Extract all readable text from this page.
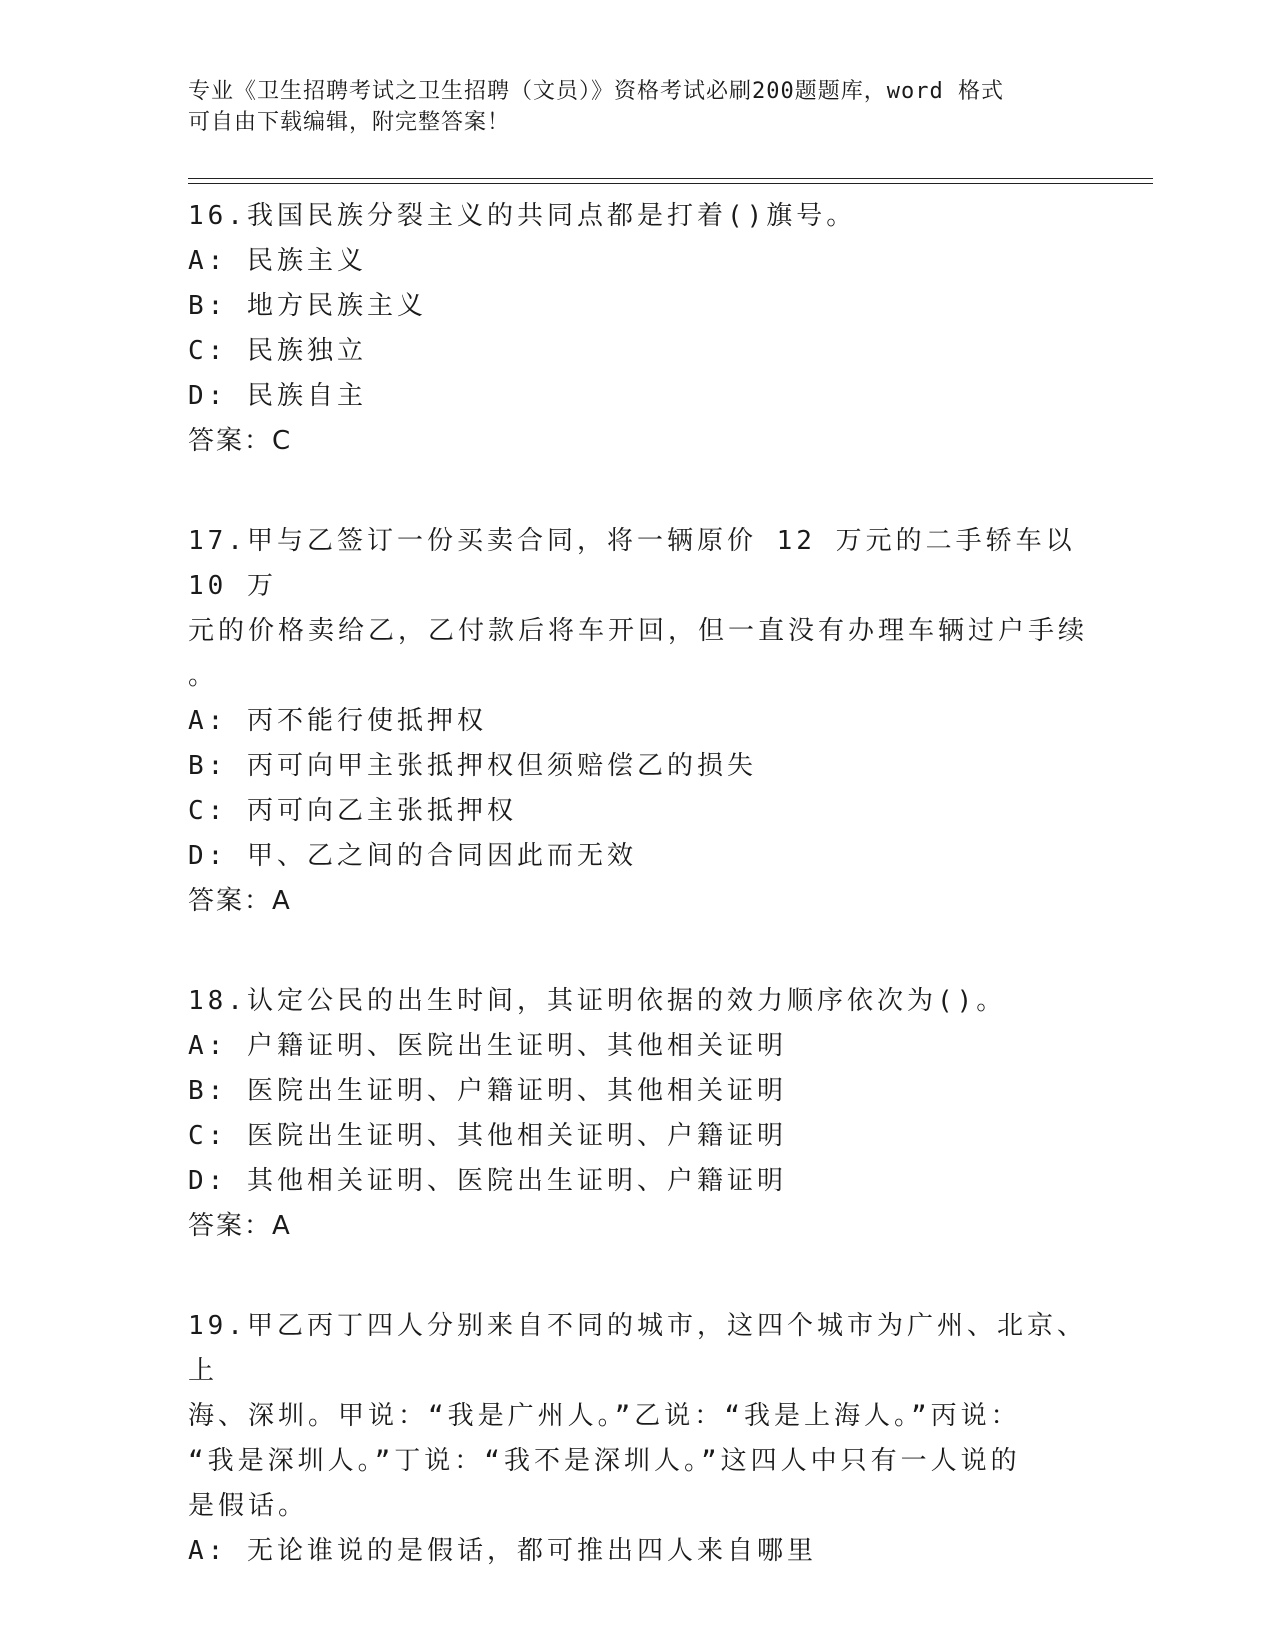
专业《卫生招聘考试之卫生招聘（文员）》资格考试必刷200题题库，word 格式
可自由下载编辑，附完整答案！
16.我国民族分裂主义的共同点都是打着()旗号。
A: 民族主义
B: 地方民族主义
C: 民族独立
D: 民族自主
答案：C
17.甲与乙签订一份买卖合同，将一辆原价 12 万元的二手轿车以 10 万
元的价格卖给乙，乙付款后将车开回，但一直没有办理车辆过户手续
。
A: 丙不能行使抵押权
B: 丙可向甲主张抵押权但须赔偿乙的损失
C: 丙可向乙主张抵押权
D: 甲、乙之间的合同因此而无效
答案：A
18.认定公民的出生时间，其证明依据的效力顺序依次为()。
A: 户籍证明、医院出生证明、其他相关证明
B: 医院出生证明、户籍证明、其他相关证明
C: 医院出生证明、其他相关证明、户籍证明
D: 其他相关证明、医院出生证明、户籍证明
答案：A
19.甲乙丙丁四人分别来自不同的城市，这四个城市为广州、北京、上
海、深圳。甲说：“我是广州人。”乙说：“我是上海人。”丙说：
“我是深圳人。”丁说：“我不是深圳人。”这四人中只有一人说的
是假话。
A: 无论谁说的是假话，都可推出四人来自哪里
